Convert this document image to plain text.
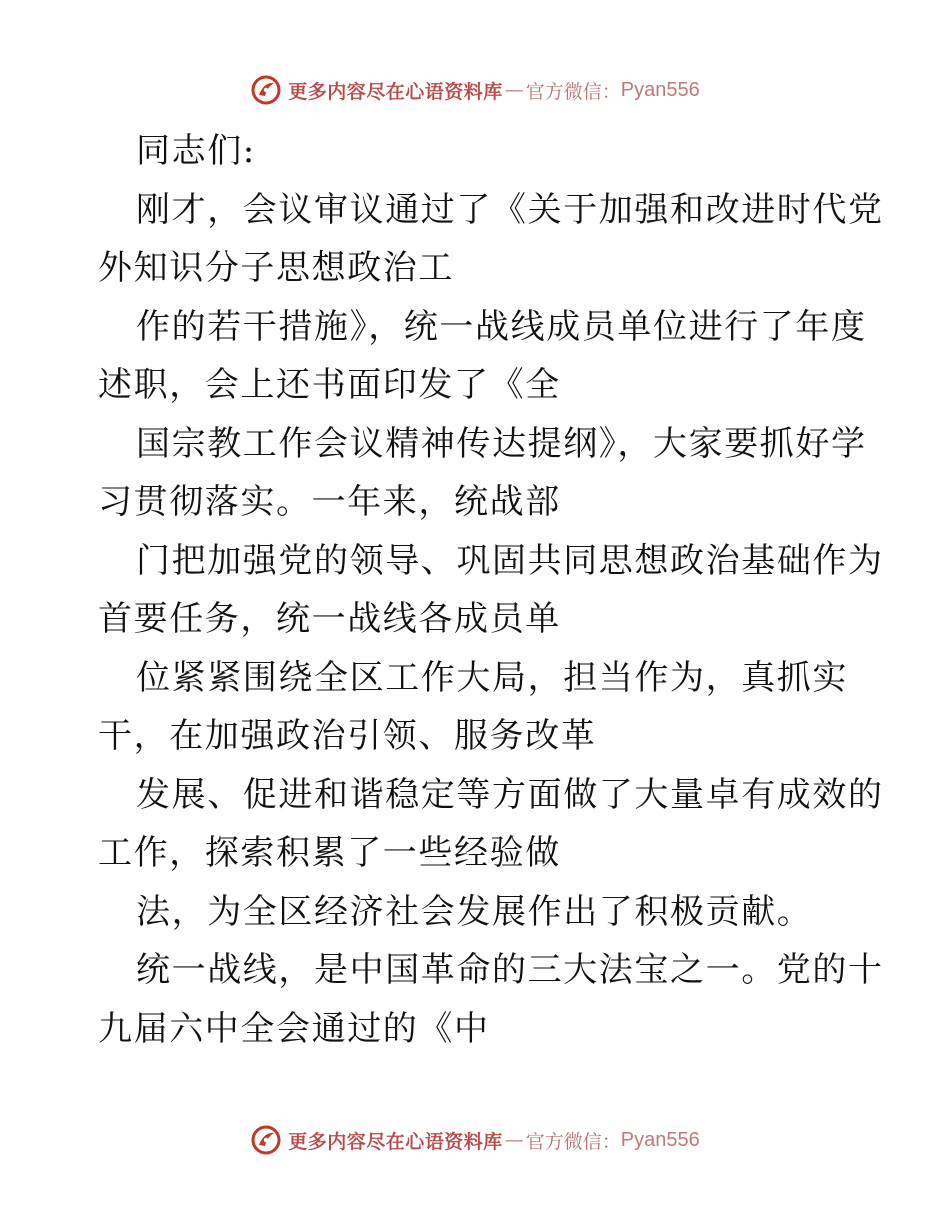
更多内容尽在心语资料库 — 官方微信： Pyan556
同志们:
刚才，会议审议通过了《关于加强和改进时代党
外知识分子思想政治工
作的若干措施》，统一战线成员单位进行了年度
述职，会上还书面印发了《全
国宗教工作会议精神传达提纲》，大家要抓好学
习贯彻落实。一年来，统战部
门把加强党的领导、巩固共同思想政治基础作为
首要任务，统一战线各成员单
位紧紧围绕全区工作大局，担当作为，真抓实
干，在加强政治引领、服务改革
发展、促进和谐稳定等方面做了大量卓有成效的
工作，探索积累了一些经验做
法，为全区经济社会发展作出了积极贡献。
统一战线，是中国革命的三大法宝之一。党的十
九届六中全会通过的《中
更多内容尽在心语资料库 — 官方微信： Pyan556
